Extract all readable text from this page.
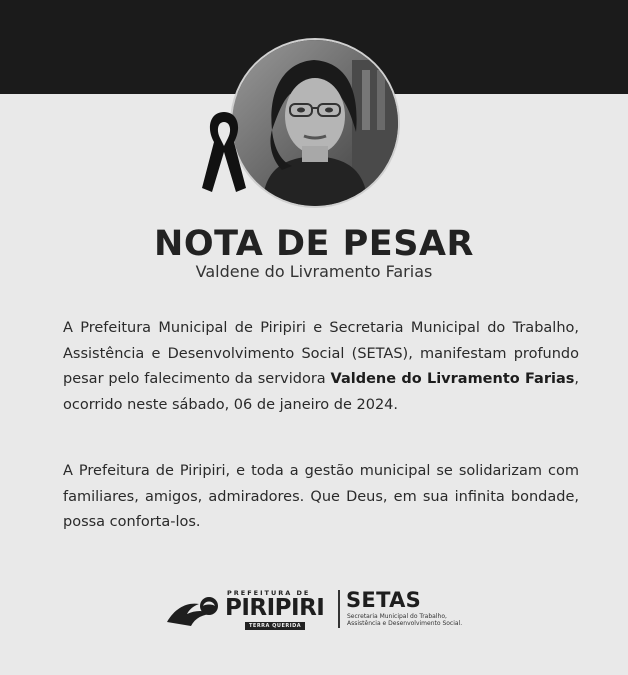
NOTA DE PESAR
Valdene do Livramento Farias

A Prefeitura Municipal de Piripiri e Secretaria Municipal do Trabalho, Assistência e Desenvolvimento Social (SETAS), manifestam profundo pesar pelo falecimento da servidora Valdene do Livramento Farias, ocorrido neste sábado, 06 de janeiro de 2024.

A Prefeitura de Piripiri, e toda a gestão municipal se solidarizam com familiares, amigos, admiradores. Que Deus, em sua infinita bondade, possa conforta-los.

PREFEITURA DE
PIRIPIRI
TERRA QUERIDA
SETAS
Secretaria Municipal do Trabalho,
Assistência e Desenvolvimento Social.
